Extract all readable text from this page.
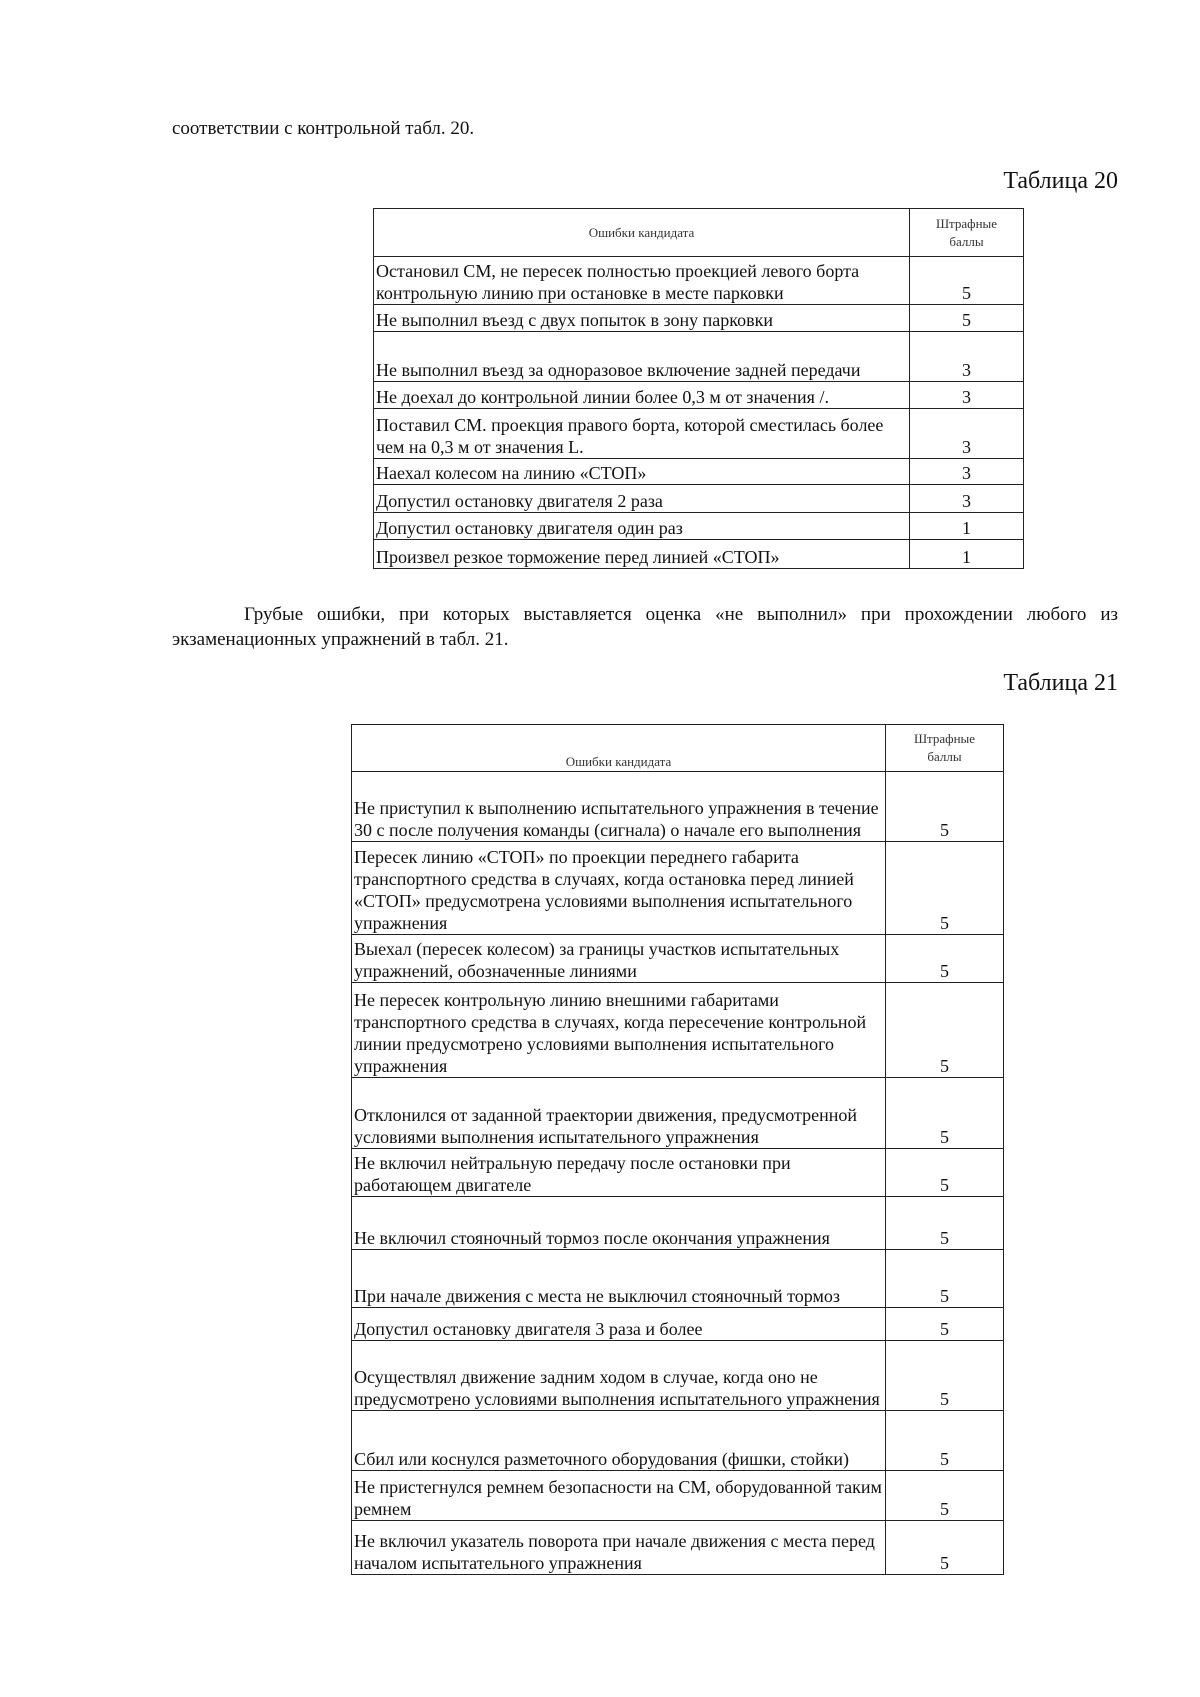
соответствии с контрольной табл. 20.
Таблица 20
Ошибки кандидата	Штрафные
баллы

Остановил СМ, не пересек полностью проекцией левого борта контрольную линию при остановке в месте парковки	5
Не выполнил въезд с двух попыток в зону парковки	5
Не выполнил въезд за одноразовое включение задней передачи	3
Не доехал до контрольной линии более 0,3 м от значения /.	3
Поставил СМ. проекция правого борта, которой сместилась более чем на 0,3 м от значения L.	3
Наехал колесом на линию «СТОП»	3
Допустил остановку двигателя 2 раза	3
Допустил остановку двигателя один раз	1
Произвел резкое торможение перед линией «СТОП»	1
Грубые ошибки, при которых выставляется оценка «не выполнил» при прохождении любого из экзаменационных упражнений в табл. 21.
Таблица 21
Ошибки кандидата	Штрафные
баллы

Не приступил к выполнению испытательного упражнения в течение 30 с после получения команды (сигнала) о начале его выполнения	5
Пересек линию «СТОП» по проекции переднего габарита транспортного средства в случаях, когда остановка перед линией «СТОП» предусмотрена условиями выполнения испытательного упражнения	5
Выехал (пересек колесом) за границы участков испытательных упражнений, обозначенные линиями	5
Не пересек контрольную линию внешними габаритами транспортного средства в случаях, когда пересечение контрольной линии предусмотрено условиями выполнения испытательного упражнения	5
Отклонился от заданной траектории движения, предусмотренной условиями выполнения испытательного упражнения	5
Не включил нейтральную передачу после остановки при работающем двигателе	5
Не включил стояночный тормоз после окончания упражнения	5
При начале движения с места не выключил стояночный тормоз	5
Допустил остановку двигателя 3 раза и более	5
Осуществлял движение задним ходом в случае, когда оно не предусмотрено условиями выполнения испытательного упражнения	5
Сбил или коснулся разметочного оборудования (фишки, стойки)	5
Не пристегнулся ремнем безопасности на СМ, оборудованной таким ремнем	5
Не включил указатель поворота при начале движения с места перед началом испытательного упражнения	5
